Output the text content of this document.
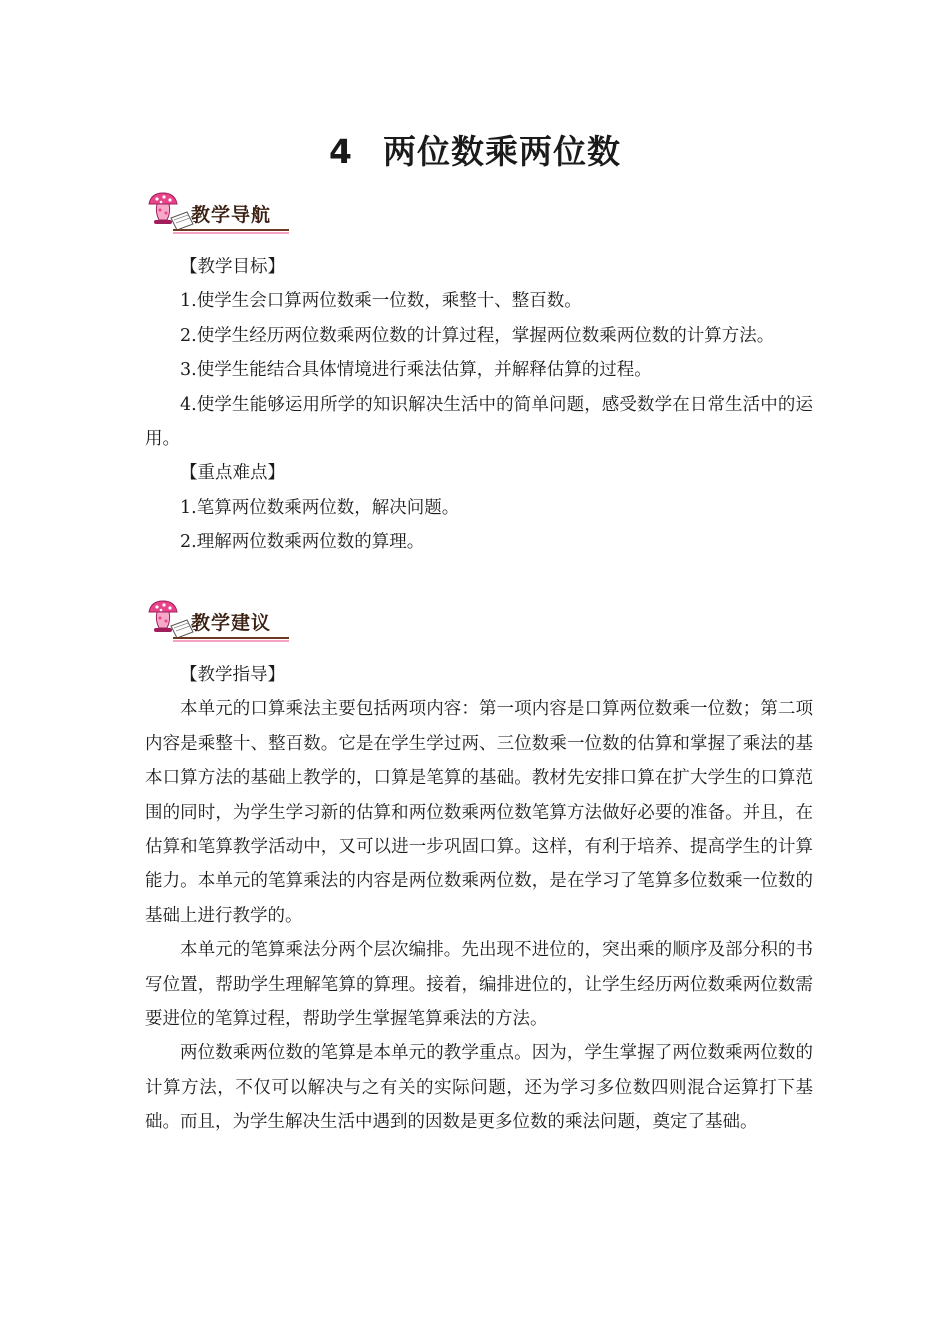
4 两位数乘两位数
教学导航

【教学目标】

1.使学生会口算两位数乘一位数，乘整十、整百数。

2.使学生经历两位数乘两位数的计算过程，掌握两位数乘两位数的计算方法。

3.使学生能结合具体情境进行乘法估算，并解释估算的过程。

4.使学生能够运用所学的知识解决生活中的简单问题，感受数学在日常生活中的运用。

【重点难点】

1.笔算两位数乘两位数，解决问题。

2.理解两位数乘两位数的算理。

教学建议

【教学指导】

本单元的口算乘法主要包括两项内容：第一项内容是口算两位数乘一位数；第二项内容是乘整十、整百数。它是在学生学过两、三位数乘一位数的估算和掌握了乘法的基本口算方法的基础上教学的，口算是笔算的基础。教材先安排口算在扩大学生的口算范围的同时，为学生学习新的估算和两位数乘两位数笔算方法做好必要的准备。并且，在估算和笔算教学活动中，又可以进一步巩固口算。这样，有利于培养、提高学生的计算能力。本单元的笔算乘法的内容是两位数乘两位数，是在学习了笔算多位数乘一位数的基础上进行教学的。

本单元的笔算乘法分两个层次编排。先出现不进位的，突出乘的顺序及部分积的书写位置，帮助学生理解笔算的算理。接着，编排进位的，让学生经历两位数乘两位数需要进位的笔算过程，帮助学生掌握笔算乘法的方法。

两位数乘两位数的笔算是本单元的教学重点。因为，学生掌握了两位数乘两位数的计算方法，不仅可以解决与之有关的实际问题，还为学习多位数四则混合运算打下基础。而且，为学生解决生活中遇到的因数是更多位数的乘法问题，奠定了基础。
